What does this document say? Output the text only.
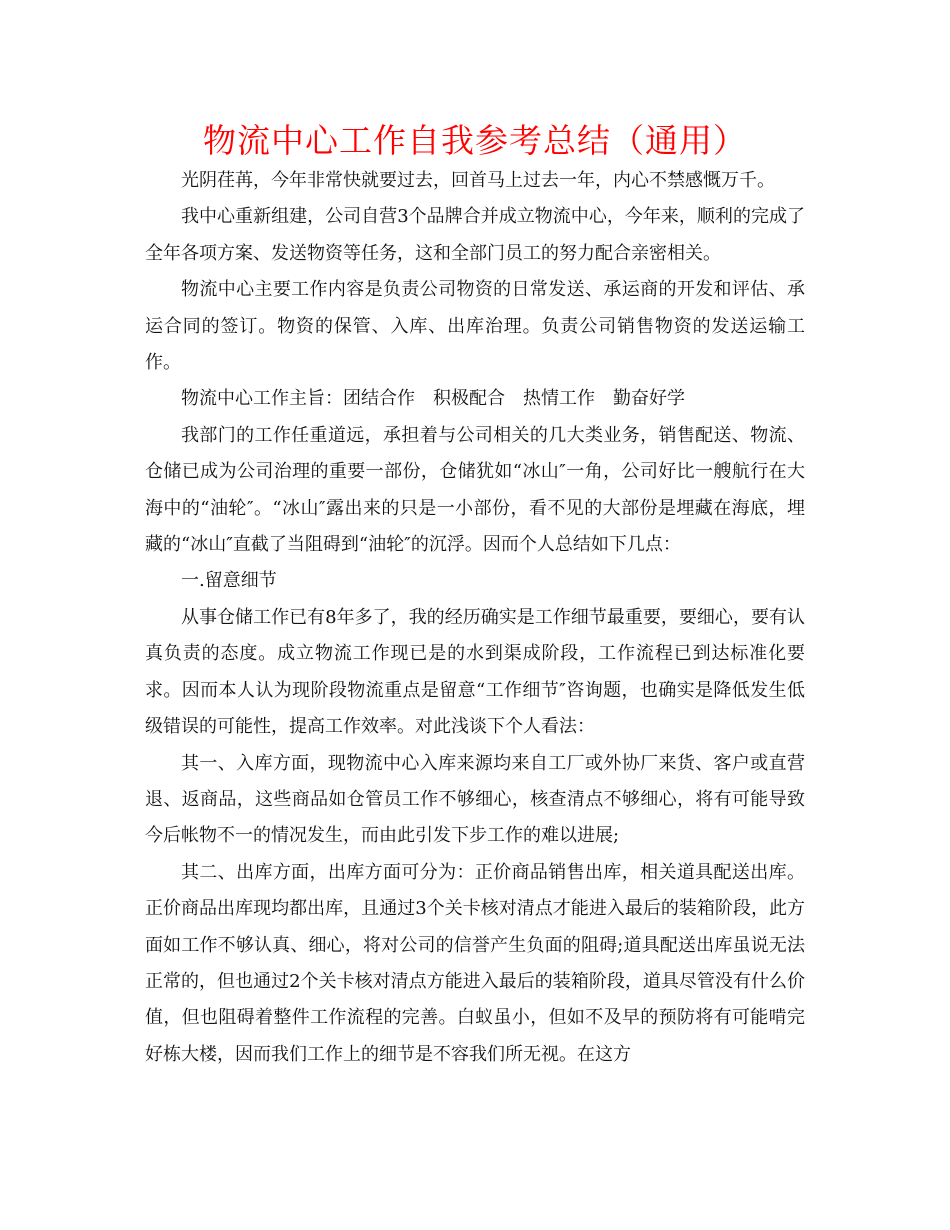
物流中心工作自我参考总结（通用）

光阴荏苒，今年非常快就要过去，回首马上过去一年，内心不禁感慨万千。

我中心重新组建，公司自营3个品牌合并成立物流中心，今年来，顺利的完成了全年各项方案、发送物资等任务，这和全部门员工的努力配合亲密相关。

物流中心主要工作内容是负责公司物资的日常发送、承运商的开发和评估、承运合同的签订。物资的保管、入库、出库治理。负责公司销售物资的发送运输工作。

物流中心工作主旨：团结合作　积极配合　热情工作　勤奋好学

我部门的工作任重道远，承担着与公司相关的几大类业务，销售配送、物流、仓储已成为公司治理的重要一部份，仓储犹如“冰山″一角，公司好比一艘航行在大海中的“油轮″。“冰山″露出来的只是一小部份，看不见的大部份是埋藏在海底，埋藏的“冰山″直截了当阻碍到“油轮″的沉浮。因而个人总结如下几点：

一.留意细节

从事仓储工作已有8年多了，我的经历确实是工作细节最重要，要细心，要有认真负责的态度。成立物流工作现已是的水到渠成阶段，工作流程已到达标准化要求。因而本人认为现阶段物流重点是留意“工作细节″咨询题，也确实是降低发生低级错误的可能性，提高工作效率。对此浅谈下个人看法：

其一、入库方面，现物流中心入库来源均来自工厂或外协厂来货、客户或直营退、返商品，这些商品如仓管员工作不够细心，核查清点不够细心，将有可能导致今后帐物不一的情况发生，而由此引发下步工作的难以进展;

其二、出库方面，出库方面可分为：正价商品销售出库，相关道具配送出库。正价商品出库现均都出库，且通过3个关卡核对清点才能进入最后的装箱阶段，此方面如工作不够认真、细心，将对公司的信誉产生负面的阻碍;道具配送出库虽说无法正常的，但也通过2个关卡核对清点方能进入最后的装箱阶段，道具尽管没有什么价值，但也阻碍着整件工作流程的完善。白蚁虽小，但如不及早的预防将有可能啃完好栋大楼，因而我们工作上的细节是不容我们所无视。在这方
